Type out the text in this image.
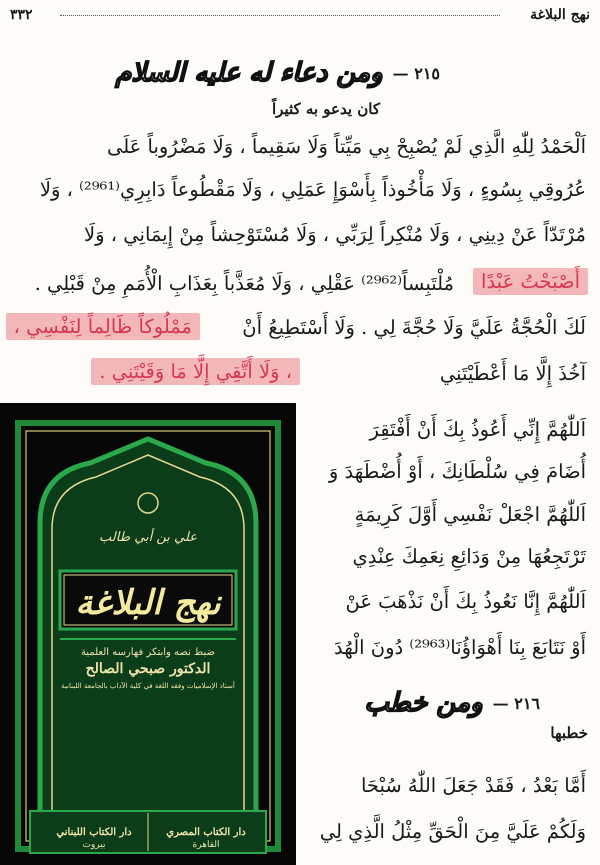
نهج البلاغة
٣٣٢
٢١٥ —
ومن دعاء له عليه السلام
كان يدعو به كثيراً
اَلْحَمْدُ لِلّٰهِ الَّذِي لَمْ يُصْبِحْ بِي مَيِّتاً وَلَا سَقِيماً ، وَلَا مَضْرُوباً عَلَى
عُرُوقِي بِسُوءٍ ، وَلَا مَأْخُوذاً بِأَسْوَإِ عَمَلِي ، وَلَا مَقْطُوعاً دَابِرِي⁽²⁹⁶¹⁾ ، وَلَا
مُرْتَدّاً عَنْ دِينِي ، وَلَا مُنْكِراً لِرَبِّي ، وَلَا مُسْتَوْحِشاً مِنْ إِيمَانِي ، وَلَا
مُلْتَبِساً⁽²⁹⁶²⁾ عَقْلِي ، وَلَا مُعَذَّباً بِعَذَابِ الْأُمَمِ مِنْ قَبْلِي .	أَصْبَحْتُ عَبْدًا
مَمْلُوكاً ظَالِماً لِنَفْسِي ،	لَكَ الْحُجَّةُ عَلَيَّ وَلَا حُجَّةَ لِي . وَلَا أَسْتَطِيعُ أَنْ
آخُذَ إِلَّا مَا أَعْطَيْتَنِي
، وَلَا أَتَّقِي إِلَّا مَا وَقَيْتَنِي .
اَللّٰهُمَّ إِنِّي أَعُوذُ بِكَ أَنْ أَفْتَقِرَ
أُضَامَ فِي سُلْطَانِكَ ، أَوْ أُضْطَهَدَ وَ
اَللّٰهُمَّ اجْعَلْ نَفْسِي أَوَّلَ كَرِيمَةٍ
تَرْتَجِعُهَا مِنْ وَدَائِعِ نِعَمِكَ عِنْدِي
اَللّٰهُمَّ إِنَّا نَعُوذُ بِكَ أَنْ نَذْهَبَ عَنْ
أَوْ نَتَابَعَ بِنَا أَهْوَاؤُنَا⁽²⁹⁶³⁾ دُونَ الْهُدَ
٢١٦ —
ومن خطب
خطبها
أَمَّا بَعْدُ ، فَقَدْ جَعَلَ اللّٰهُ سُبْحَا
وَلَكُمْ عَلَيَّ مِنَ الْحَقِّ مِثْلُ الَّذِي لِي
علي بن أبي طالب
نهج البلاغة
ضبط نصه وابتكر فهارسه العلمية
الدكتور صبحي الصالح
أستاذ الإسلاميات وفقه اللغة في كلية الآداب بالجامعة اللبنانية
دار الكتاب المصري
القاهرة
دار الكتاب اللبناني
بيروت
